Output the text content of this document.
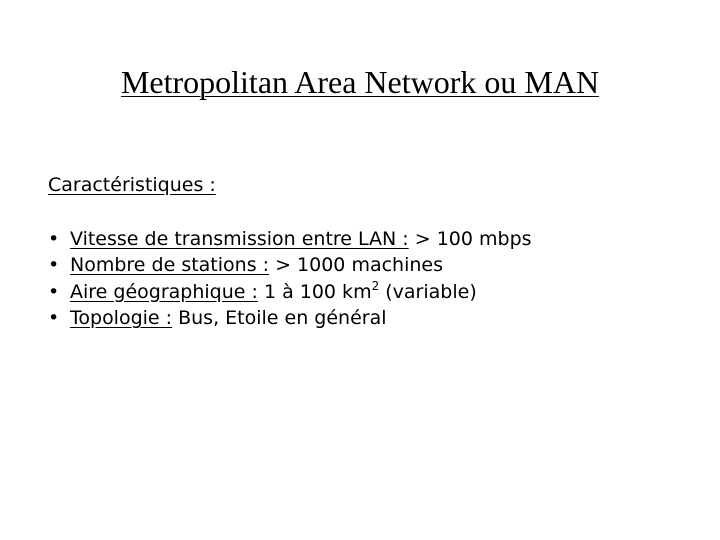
Metropolitan Area Network ou MAN
Caractéristiques :
• Vitesse de transmission entre LAN : > 100 mbps
• Nombre de stations : > 1000 machines
• Aire géographique : 1 à 100 $km^2$ (variable)
• Topologie : Bus, Etoile en général
